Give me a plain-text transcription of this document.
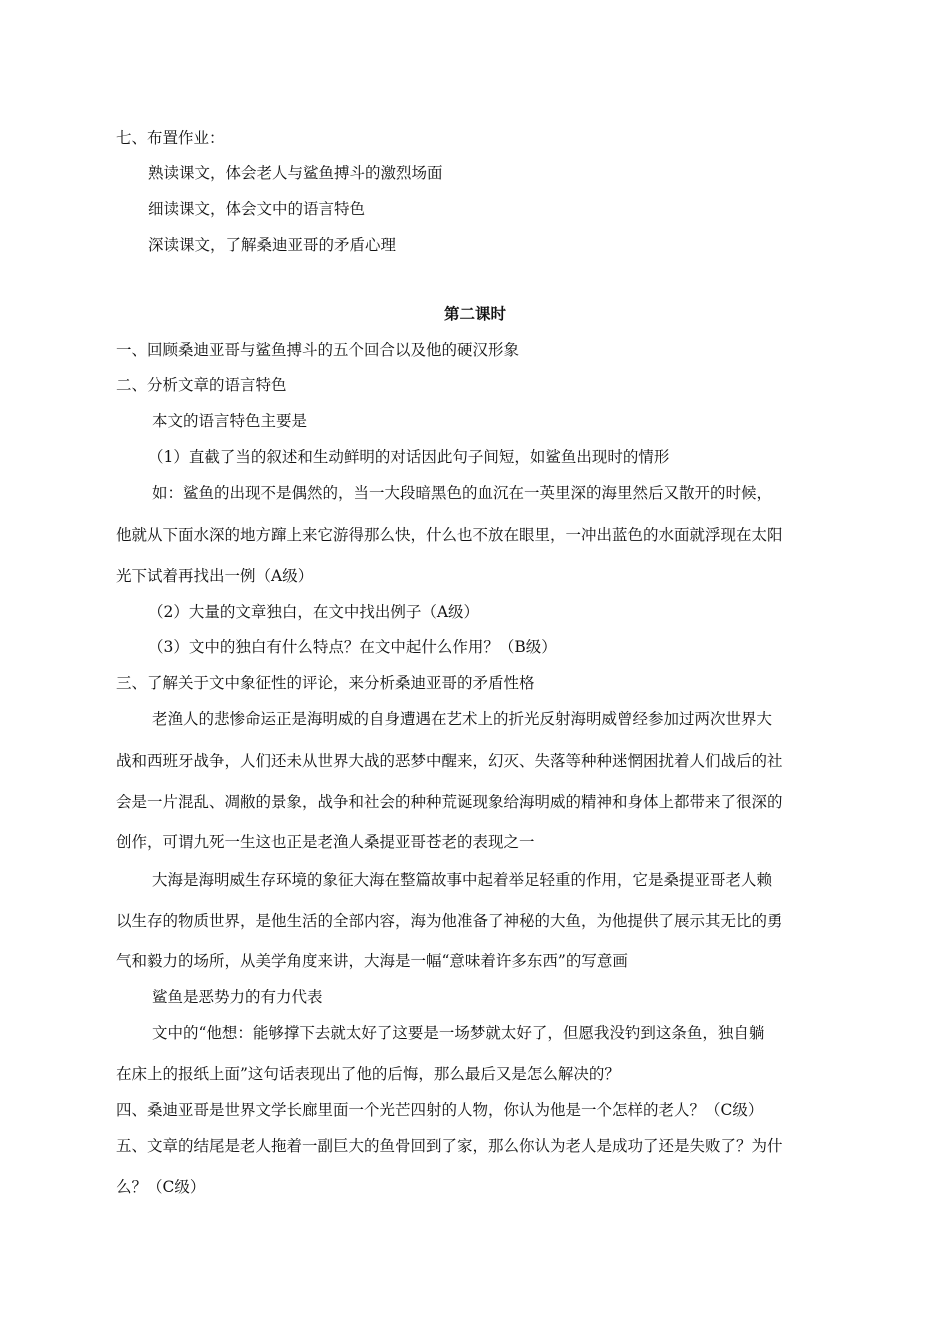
七、布置作业：
熟读课文，体会老人与鲨鱼搏斗的激烈场面
细读课文，体会文中的语言特色
深读课文，了解桑迪亚哥的矛盾心理
第二课时
一、回顾桑迪亚哥与鲨鱼搏斗的五个回合以及他的硬汉形象
二、分析文章的语言特色
本文的语言特色主要是
（1）直截了当的叙述和生动鲜明的对话因此句子间短，如鲨鱼出现时的情形
如：鲨鱼的出现不是偶然的，当一大段暗黑色的血沉在一英里深的海里然后又散开的时候，
他就从下面水深的地方蹿上来它游得那么快，什么也不放在眼里，一冲出蓝色的水面就浮现在太阳
光下试着再找出一例（A级）
（2）大量的文章独白，在文中找出例子（A级）
（3）文中的独白有什么特点？在文中起什么作用？（B级）
三、了解关于文中象征性的评论，来分析桑迪亚哥的矛盾性格
老渔人的悲惨命运正是海明威的自身遭遇在艺术上的折光反射海明威曾经参加过两次世界大
战和西班牙战争，人们还未从世界大战的恶梦中醒来，幻灭、失落等种种迷惘困扰着人们战后的社
会是一片混乱、凋敝的景象，战争和社会的种种荒诞现象给海明威的精神和身体上都带来了很深的
创作，可谓九死一生这也正是老渔人桑提亚哥苍老的表现之一
大海是海明威生存环境的象征大海在整篇故事中起着举足轻重的作用，它是桑提亚哥老人赖
以生存的物质世界，是他生活的全部内容，海为他准备了神秘的大鱼，为他提供了展示其无比的勇
气和毅力的场所，从美学角度来讲，大海是一幅“意味着许多东西”的写意画
鲨鱼是恶势力的有力代表
文中的“他想：能够撑下去就太好了这要是一场梦就太好了，但愿我没钓到这条鱼，独自躺
在床上的报纸上面”这句话表现出了他的后悔，那么最后又是怎么解决的？
四、桑迪亚哥是世界文学长廊里面一个光芒四射的人物，你认为他是一个怎样的老人？（C级）
五、文章的结尾是老人拖着一副巨大的鱼骨回到了家，那么你认为老人是成功了还是失败了？为什
么？（C级）
